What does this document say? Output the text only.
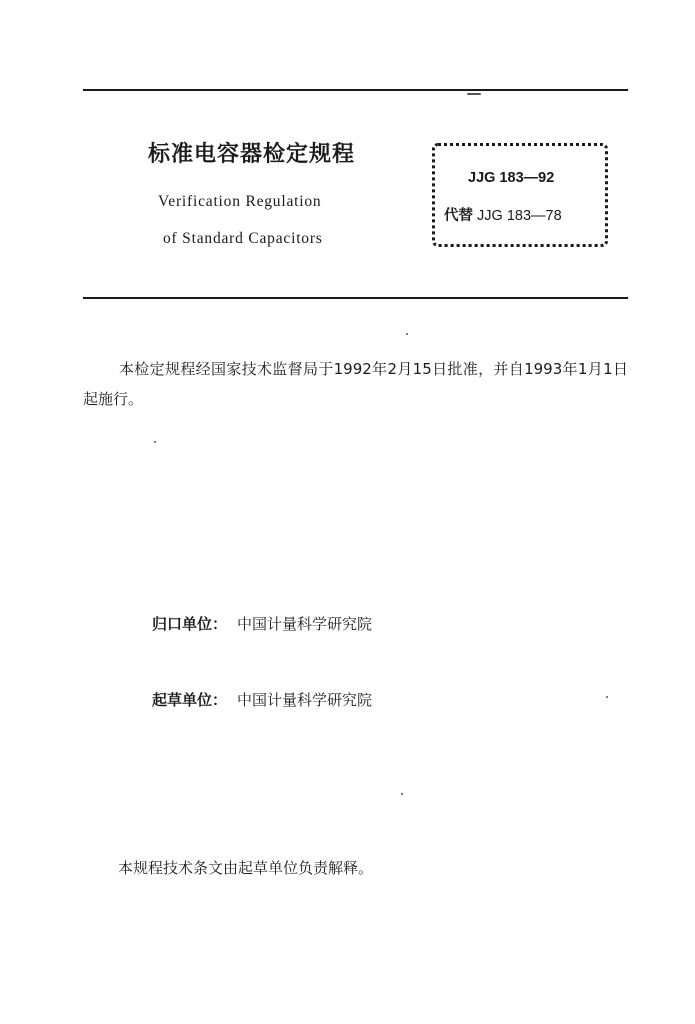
标准电容器检定规程
Verification Regulation
of Standard Capacitors
JJG 183—92
代替 JJG 183—78
本检定规程经国家技术监督局于1992年2月15日批准，并自1993年1月1日起施行。
归口单位： 中国计量科学研究院
起草单位： 中国计量科学研究院
本规程技术条文由起草单位负责解释。
